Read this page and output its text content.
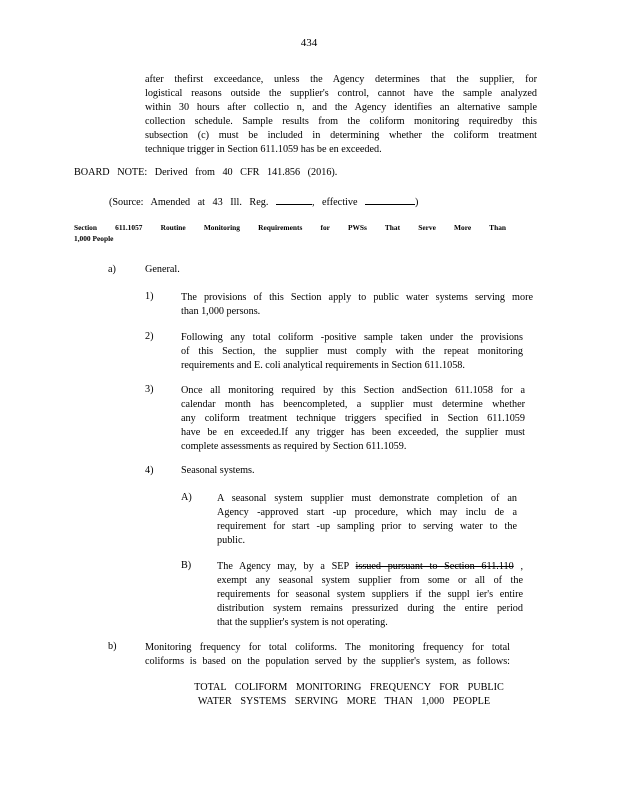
434
after thefirst exceedance, unless the Agency determines that the supplier, for
logistical reasons outside the supplier's control, cannot have the sample analyzed
within 30 hours after collectio n, and the Agency identifies an alternative sample
collection schedule. Sample results from the coliform monitoring requiredby this
subsection (c) must be included in determining whether the coliform treatment
technique trigger in Section 611.1059 has be en exceeded.
BOARD NOTE: Derived from 40 CFR 141.856 (2016).
(Source: Amended at 43 Ill. Reg.	, effective	)
Section 611.1057 Routine Monitoring Requirements for PWSs That Serve More Than
1,000 People
a)	General.
1)	The provisions of this Section apply to public water systems serving more
than 1,000 persons.
2)	Following any total coliform -positive sample taken under the provisions
of this Section, the supplier must comply with the repeat monitoring
requirements and E. coli analytical requirements in Section 611.1058.
3)	Once all monitoring required by this Section andSection 611.1058 for a
calendar month has beencompleted, a supplier must determine whether
any coliform treatment technique triggers specified in Section 611.1059
have be en exceeded.If any trigger has been exceeded, the supplier must
complete assessments as required by Section 611.1059.
4)	Seasonal systems.
A) A seasonal system supplier must demonstrate completion of an
Agency -approved start -up procedure, which may inclu de a
requirement for start -up sampling prior to serving water to the
public.
B)	The Agency may, by a SEP issued pursuant to Section 611.110 ,
exempt any seasonal system supplier from some or all of the
requirements for seasonal system suppliers if the suppl ier's entire
distribution system remains pressurized during the entire period
that the supplier's system is not operating.
b)	Monitoring frequency for total coliforms. The monitoring frequency for total
coliforms is based on the population served by the supplier's system, as follows:
TOTAL COLIFORM MONITORING FREQUENCY FOR PUBLIC
WATER SYSTEMS SERVING MORE THAN 1,000 PEOPLE
